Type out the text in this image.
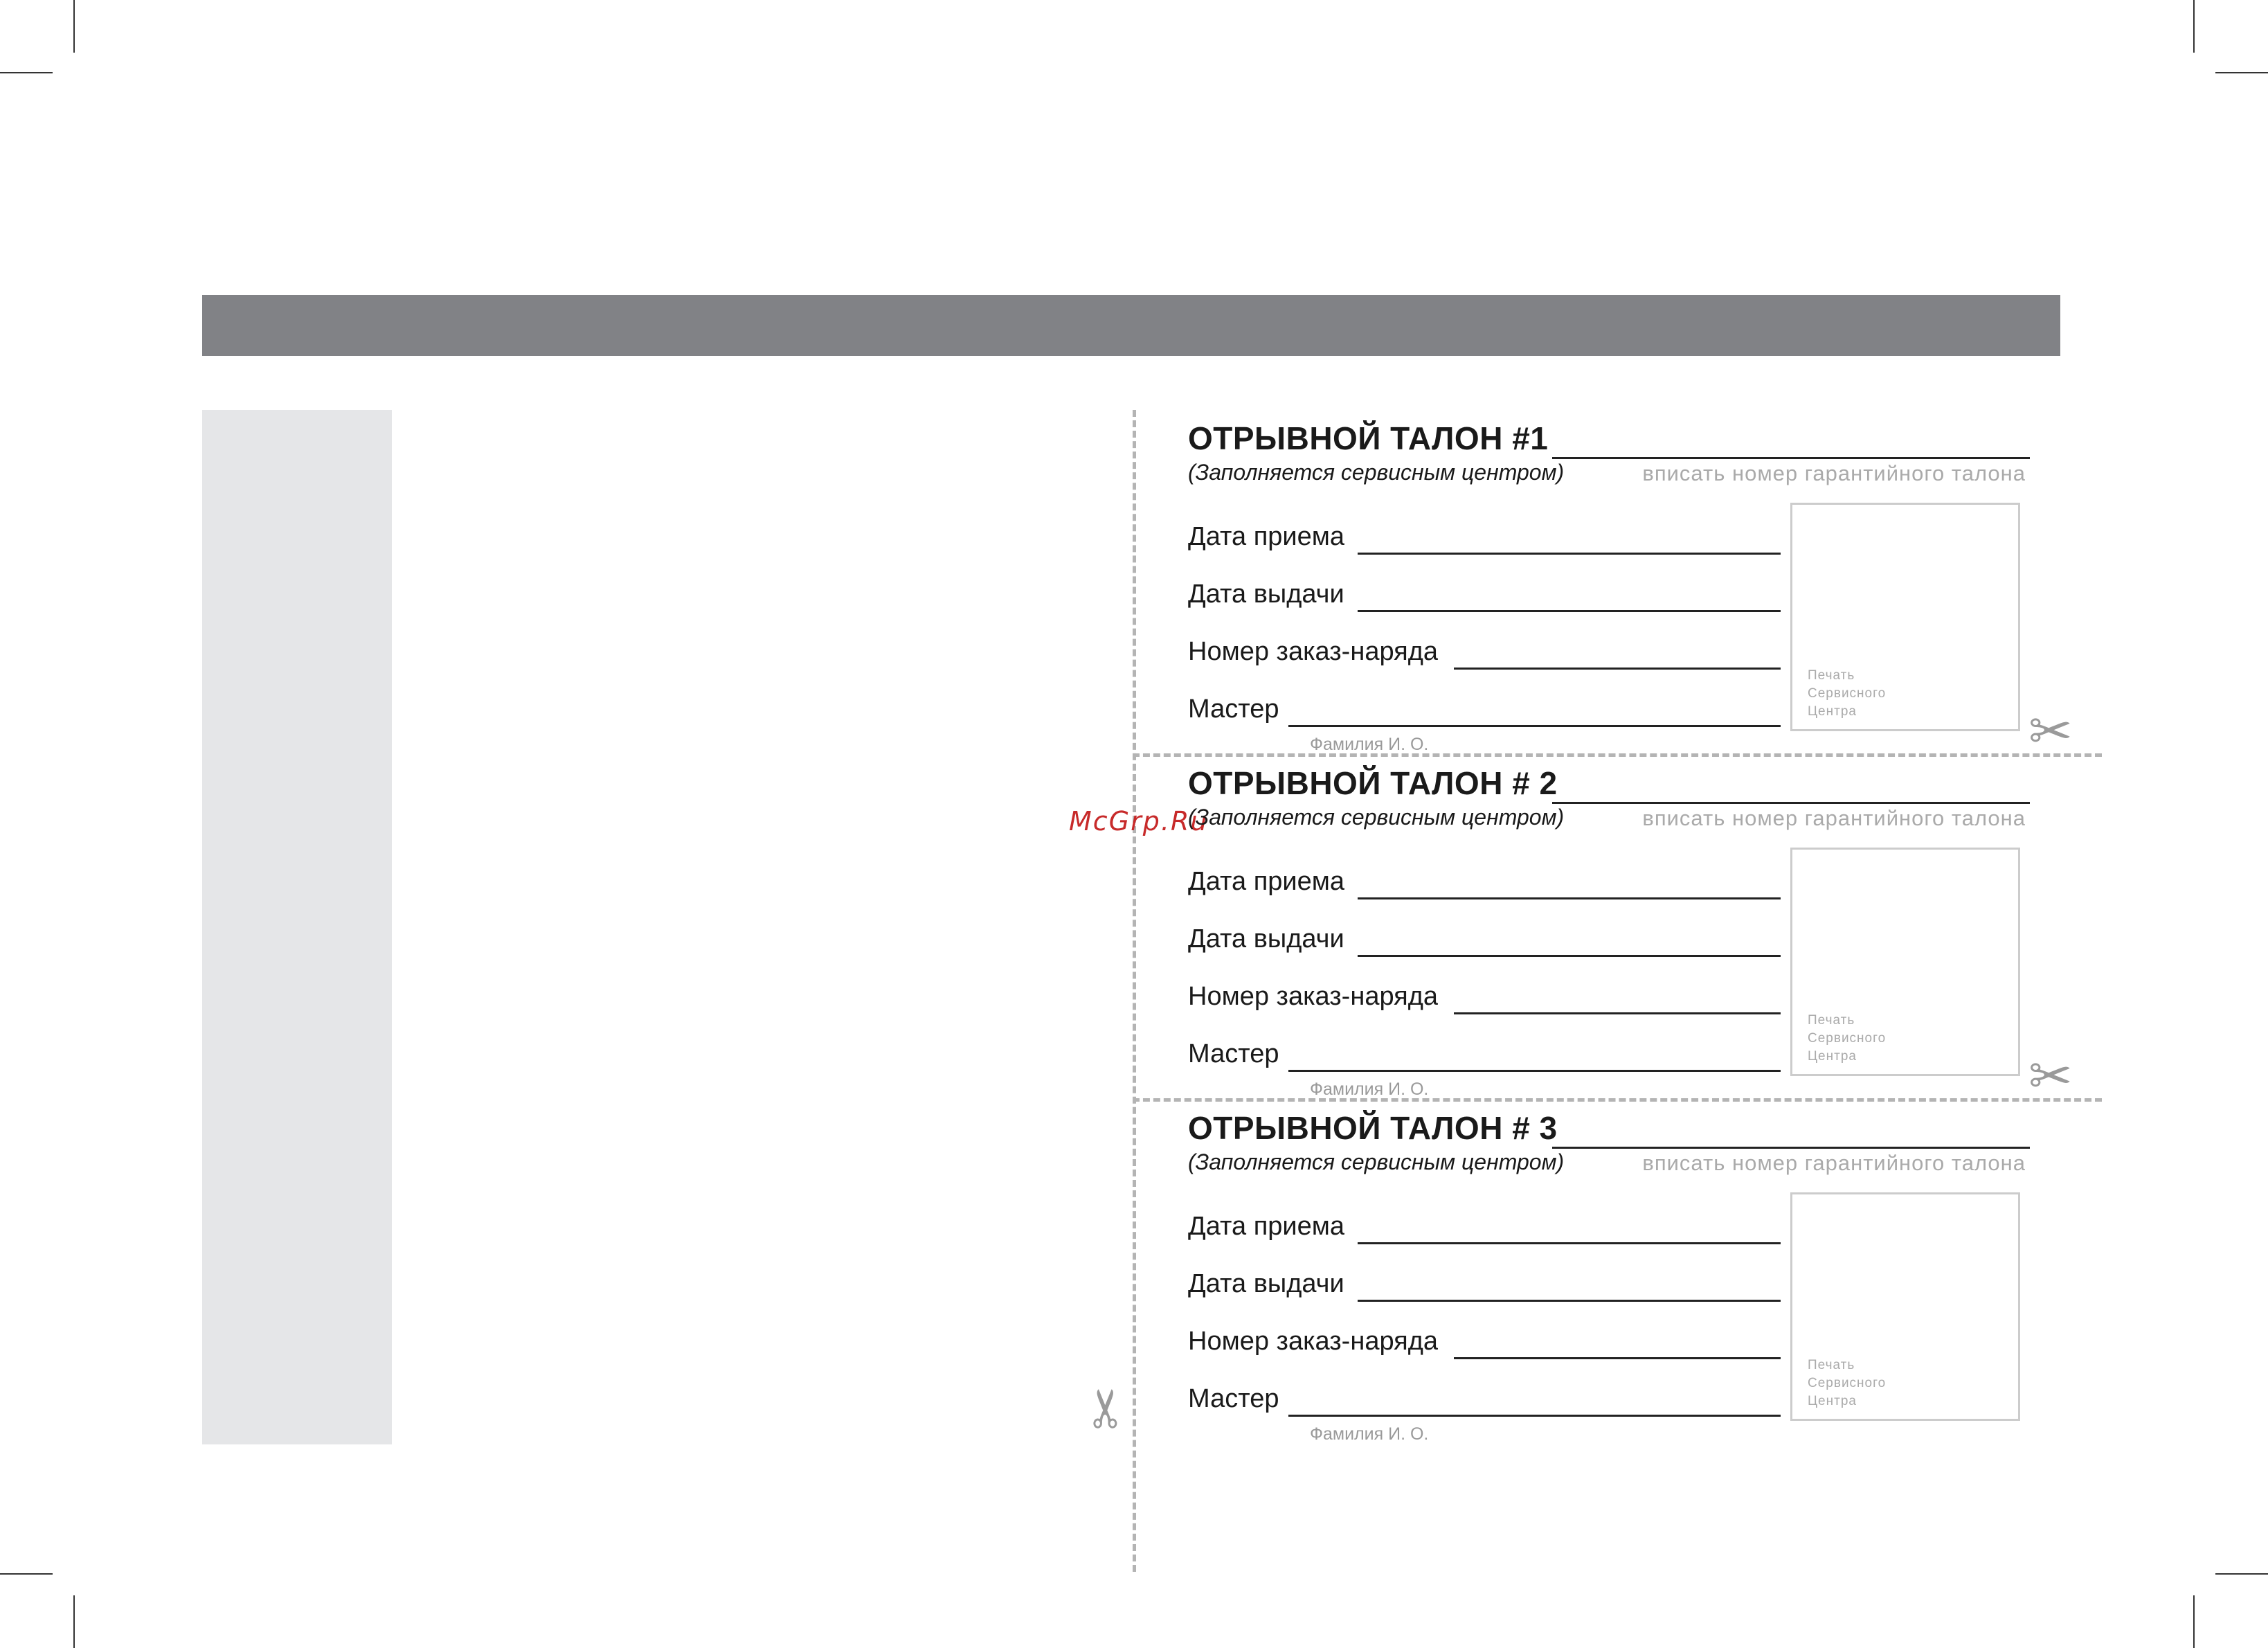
✂
✂
✂
McGrp.Ru
ОТРЫВНОЙ ТАЛОН #1
(Заполняется сервисным центром)	вписать номер гарантийного талона
Дата приема
Дата выдачи
Номер заказ-наряда
Мастер
Фамилия И. О.
Печать
Сервисного
Центра
ОТРЫВНОЙ ТАЛОН # 2
(Заполняется сервисным центром)	вписать номер гарантийного талона
Дата приема
Дата выдачи
Номер заказ-наряда
Мастер
Фамилия И. О.
Печать
Сервисного
Центра
ОТРЫВНОЙ ТАЛОН # 3
(Заполняется сервисным центром)	вписать номер гарантийного талона
Дата приема
Дата выдачи
Номер заказ-наряда
Мастер
Фамилия И. О.
Печать
Сервисного
Центра
